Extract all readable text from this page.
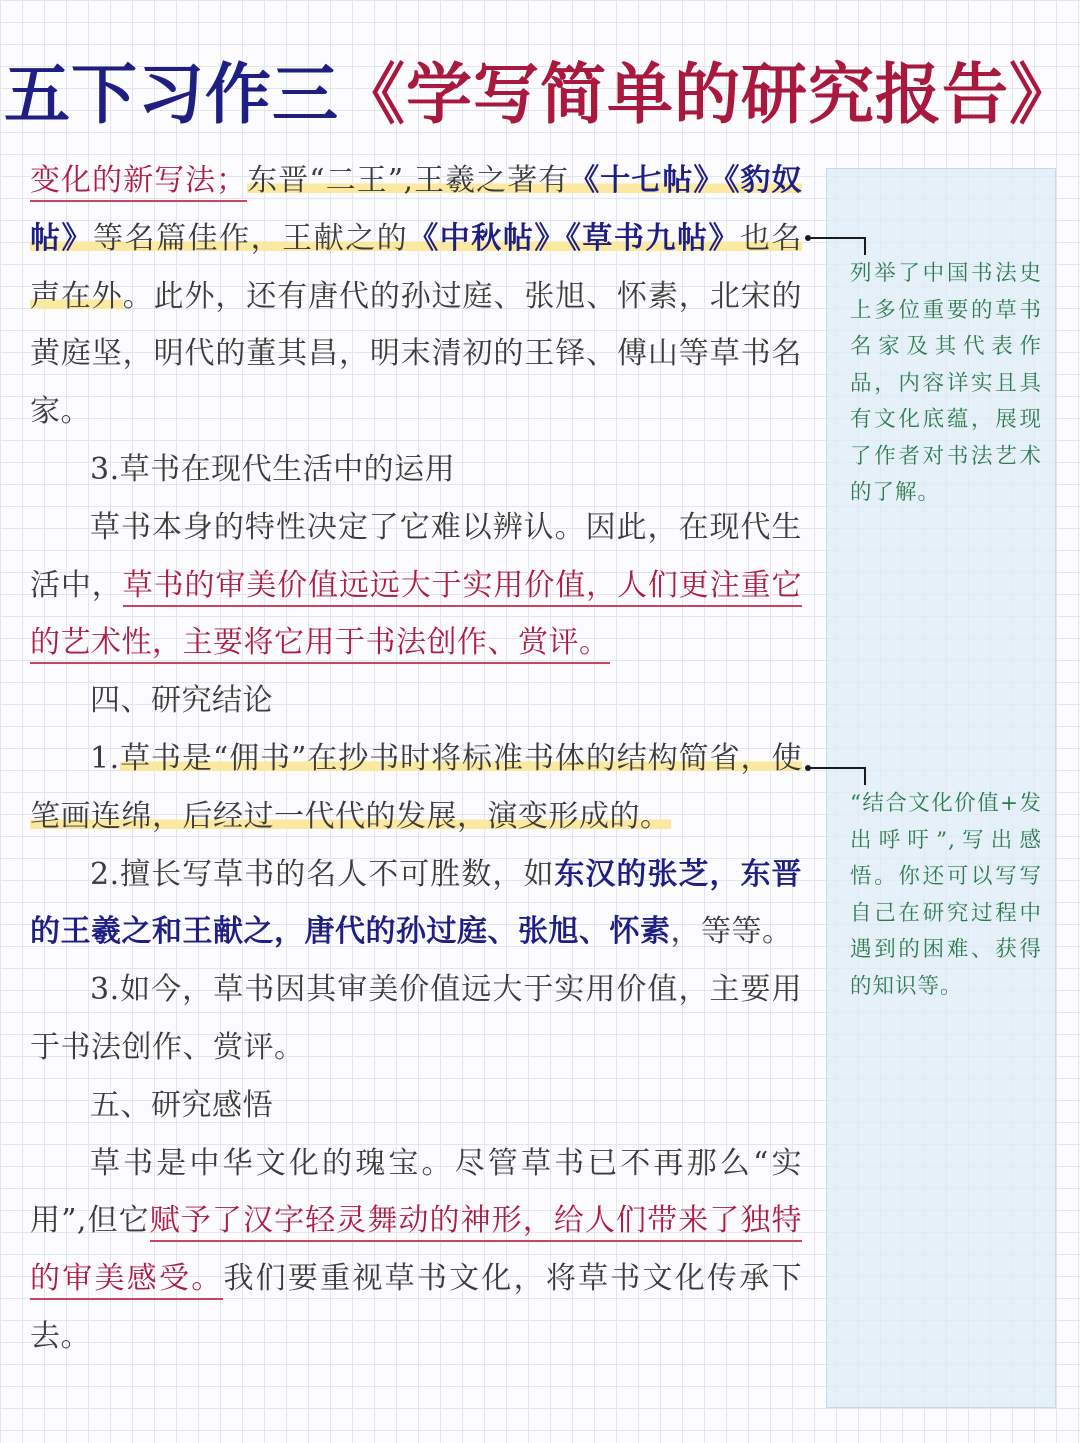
五下习作三《学写简单的研究报告》

变化的新写法；东晋“二王”,王羲之著有《十七帖》《豹奴帖》等名篇佳作，王献之的《中秋帖》《草书九帖》也名声在外。此外，还有唐代的孙过庭、张旭、怀素，北宋的黄庭坚，明代的董其昌，明末清初的王铎、傅山等草书名家。

3.草书在现代生活中的运用

草书本身的特性决定了它难以辨认。因此，在现代生活中，草书的审美价值远远大于实用价值，人们更注重它的艺术性，主要将它用于书法创作、赏评。

四、研究结论

1.草书是“佣书”在抄书时将标准书体的结构简省，使笔画连绵，后经过一代代的发展，演变形成的。

2.擅长写草书的名人不可胜数，如东汉的张芝，东晋的王羲之和王献之，唐代的孙过庭、张旭、怀素，等等。

3.如今，草书因其审美价值远大于实用价值，主要用于书法创作、赏评。

五、研究感悟

草书是中华文化的瑰宝。尽管草书已不再那么“实用”,但它赋予了汉字轻灵舞动的神形，给人们带来了独特的审美感受。我们要重视草书文化，将草书文化传承下去。

列举了中国书法史上多位重要的草书名家及其代表作品，内容详实且具有文化底蕴，展现了作者对书法艺术的了解。

“结合文化价值+发出呼吁”,写出感悟。你还可以写写自己在研究过程中遇到的困难、获得的知识等。
